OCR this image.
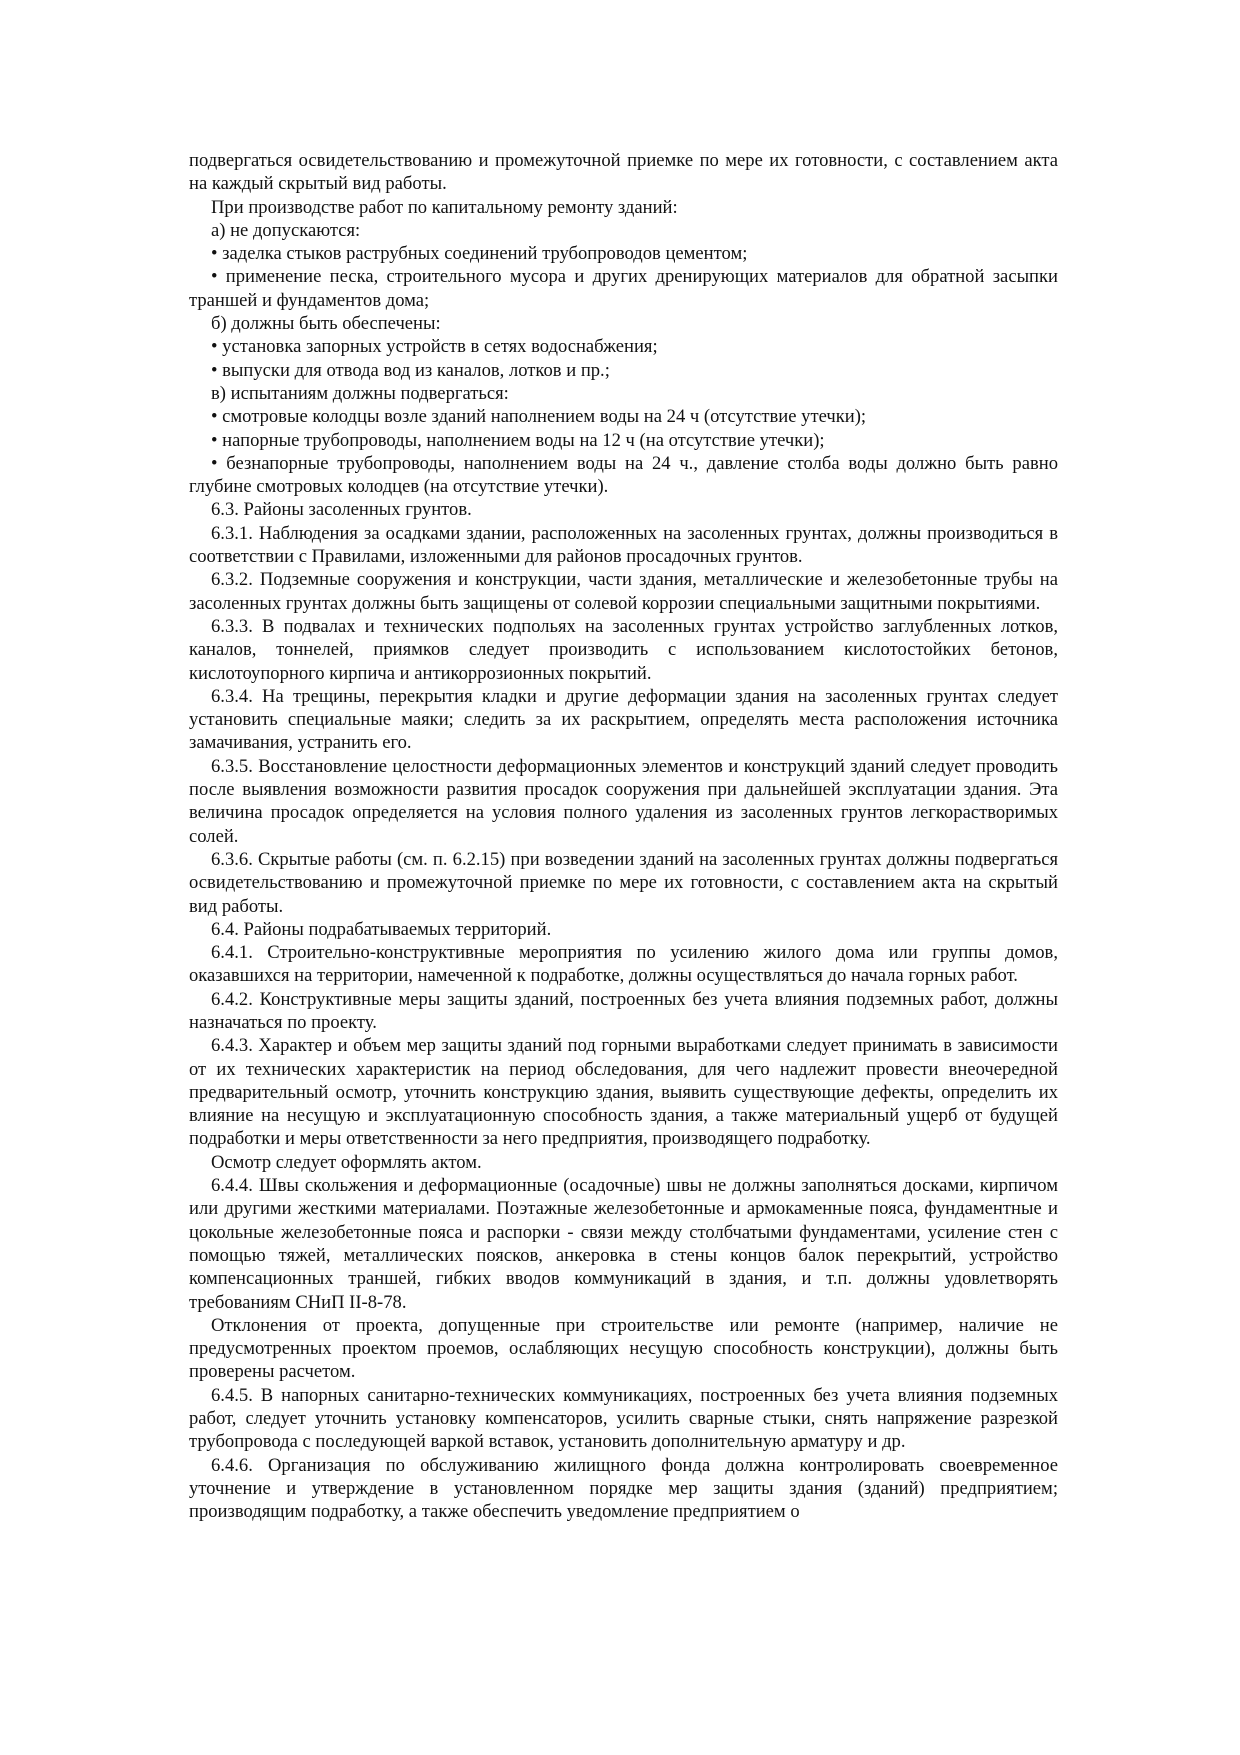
подвергаться освидетельствованию и промежуточной приемке по мере их готовности, с составлением акта на каждый скрытый вид работы.

При производстве работ по капитальному ремонту зданий:

а) не допускаются:

• заделка стыков раструбных соединений трубопроводов цементом;

• применение песка, строительного мусора и других дренирующих материалов для обратной засыпки траншей и фундаментов дома;

б) должны быть обеспечены:

• установка запорных устройств в сетях водоснабжения;

• выпуски для отвода вод из каналов, лотков и пр.;

в) испытаниям должны подвергаться:

• смотровые колодцы возле зданий наполнением воды на 24 ч (отсутствие утечки);

• напорные трубопроводы, наполнением воды на 12 ч (на отсутствие утечки);

• безнапорные трубопроводы, наполнением воды на 24 ч., давление столба воды должно быть равно глубине смотровых колодцев (на отсутствие утечки).

6.3. Районы засоленных грунтов.

6.3.1. Наблюдения за осадками здании, расположенных на засоленных грунтах, должны производиться в соответствии с Правилами, изложенными для районов просадочных грунтов.

6.3.2. Подземные сооружения и конструкции, части здания, металлические и железобетонные трубы на засоленных грунтах должны быть защищены от солевой коррозии специальными защитными покрытиями.

6.3.3. В подвалах и технических подпольях на засоленных грунтах устройство заглубленных лотков, каналов, тоннелей, приямков следует производить с использованием кислотостойких бетонов, кислотоупорного кирпича и антикоррозионных покрытий.

6.3.4. На трещины, перекрытия кладки и другие деформации здания на засоленных грунтах следует установить специальные маяки; следить за их раскрытием, определять места расположения источника замачивания, устранить его.

6.3.5. Восстановление целостности деформационных элементов и конструкций зданий следует проводить после выявления возможности развития просадок сооружения при дальнейшей эксплуатации здания. Эта величина просадок определяется на условия полного удаления из засоленных грунтов легкорастворимых солей.

6.3.6. Скрытые работы (см. п. 6.2.15) при возведении зданий на засоленных грунтах должны подвергаться освидетельствованию и промежуточной приемке по мере их готовности, с составлением акта на скрытый вид работы.

6.4. Районы подрабатываемых территорий.

6.4.1. Строительно-конструктивные мероприятия по усилению жилого дома или группы домов, оказавшихся на территории, намеченной к подработке, должны осуществляться до начала горных работ.

6.4.2. Конструктивные меры защиты зданий, построенных без учета влияния подземных работ, должны назначаться по проекту.

6.4.3. Характер и объем мер защиты зданий под горными выработками следует принимать в зависимости от их технических характеристик на период обследования, для чего надлежит провести внеочередной предварительный осмотр, уточнить конструкцию здания, выявить существующие дефекты, определить их влияние на несущую и эксплуатационную способность здания, а также материальный ущерб от будущей подработки и меры ответственности за него предприятия, производящего подработку.

Осмотр следует оформлять актом.

6.4.4. Швы скольжения и деформационные (осадочные) швы не должны заполняться досками, кирпичом или другими жесткими материалами. Поэтажные железобетонные и армокаменные пояса, фундаментные и цокольные железобетонные пояса и распорки - связи между столбчатыми фундаментами, усиление стен с помощью тяжей, металлических поясков, анкеровка в стены концов балок перекрытий, устройство компенсационных траншей, гибких вводов коммуникаций в здания, и т.п. должны удовлетворять требованиям СНиП II-8-78.

Отклонения от проекта, допущенные при строительстве или ремонте (например, наличие не предусмотренных проектом проемов, ослабляющих несущую способность конструкции), должны быть проверены расчетом.

6.4.5. В напорных санитарно-технических коммуникациях, построенных без учета влияния подземных работ, следует уточнить установку компенсаторов, усилить сварные стыки, снять напряжение разрезкой трубопровода с последующей варкой вставок, установить дополнительную арматуру и др.

6.4.6. Организация по обслуживанию жилищного фонда должна контролировать своевременное уточнение и утверждение в установленном порядке мер защиты здания (зданий) предприятием; производящим подработку, а также обеспечить уведомление предприятием о
